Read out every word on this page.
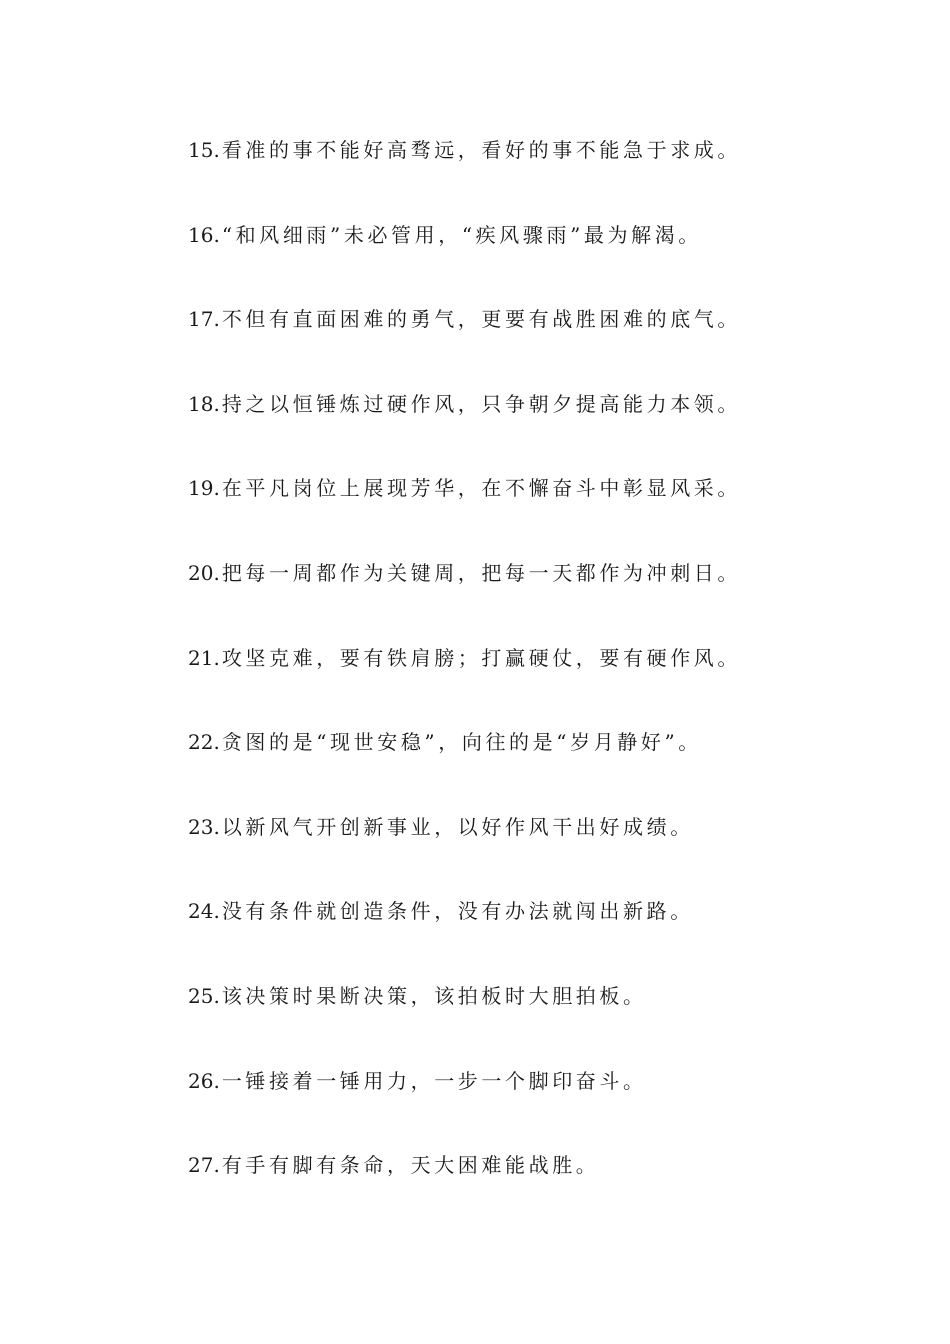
15 . 看准的事不能好高骛远，看好的事不能急于求成。
16 . “和风细雨”未必管用，“疾风骤雨”最为解渴。
17 . 不但有直面困难的勇气，更要有战胜困难的底气。
18 . 持之以恒锤炼过硬作风，只争朝夕提高能力本领。
19 . 在平凡岗位上展现芳华，在不懈奋斗中彰显风采。
20 . 把每一周都作为关键周，把每一天都作为冲刺日。
21 . 攻坚克难，要有铁肩膀；打赢硬仗，要有硬作风。
22 . 贪图的是“现世安稳”，向往的是“岁月静好”。
23 . 以新风气开创新事业，以好作风干出好成绩。
24 . 没有条件就创造条件，没有办法就闯出新路。
25 . 该决策时果断决策，该拍板时大胆拍板。
26 . 一锤接着一锤用力，一步一个脚印奋斗。
27 . 有手有脚有条命，天大困难能战胜。
